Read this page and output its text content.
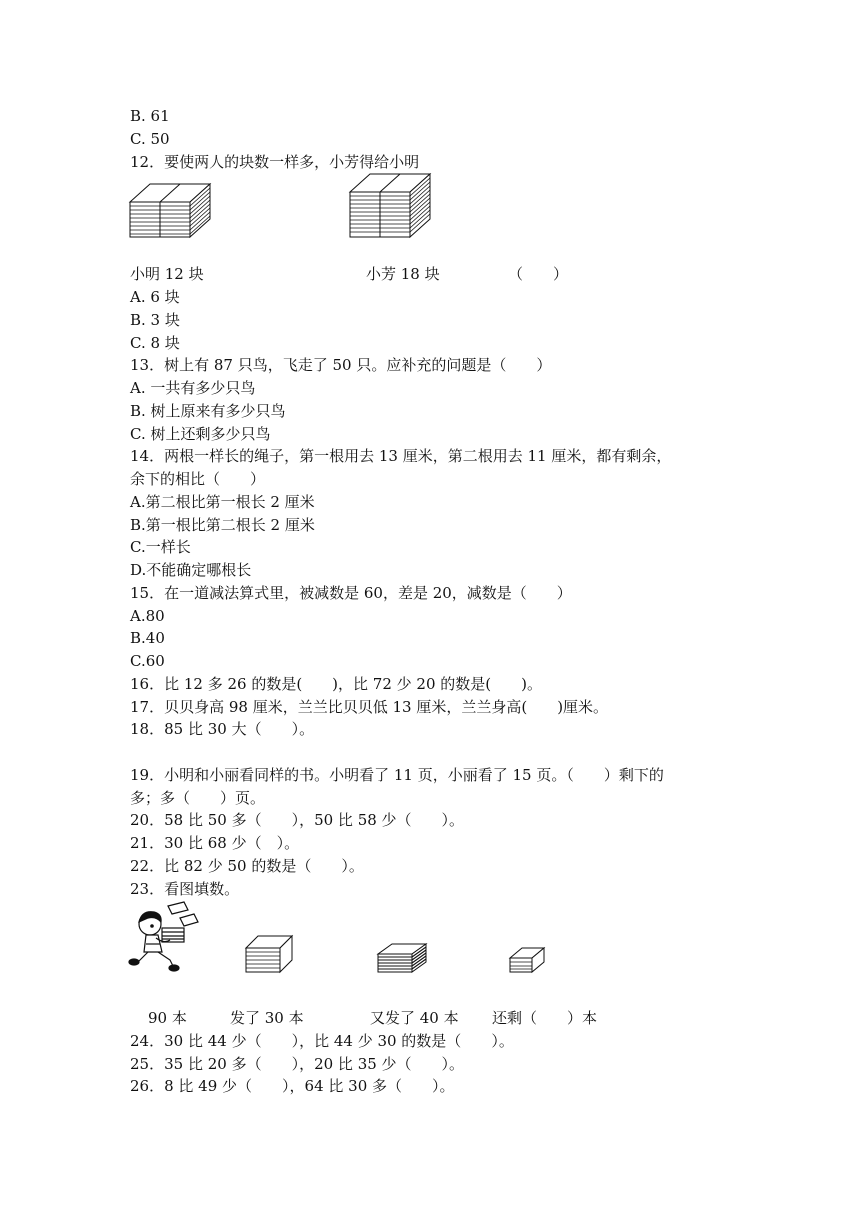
B. 61
C. 50
12．要使两人的块数一样多，小芳得给小明
小明 12 块	小芳 18 块	（　　）
A. 6 块
B. 3 块
C. 8 块
13．树上有 87 只鸟，飞走了 50 只。应补充的问题是（　　）
A. 一共有多少只鸟
B. 树上原来有多少只鸟
C. 树上还剩多少只鸟
14．两根一样长的绳子，第一根用去 13 厘米，第二根用去 11 厘米，都有剩余，
余下的相比（　　）
A.第二根比第一根长 2 厘米
B.第一根比第二根长 2 厘米
C.一样长
D.不能确定哪根长
15．在一道减法算式里，被减数是 60，差是 20，减数是（　　）
A.80
B.40
C.60
16．比 12 多 26 的数是(　　)，比 72 少 20 的数是(　　)。
17．贝贝身高 98 厘米，兰兰比贝贝低 13 厘米，兰兰身高(　　)厘米。
18．85 比 30 大（　　）。
19．小明和小丽看同样的书。小明看了 11 页，小丽看了 15 页。（　　）剩下的
多；多（　　）页。
20．58 比 50 多（　　），50 比 58 少（　　）。
21．30 比 68 少（　）。
22．比 82 少 50 的数是（　　）。
23．看图填数。
90 本	发了 30 本	又发了 40 本 还剩（　　）本
24．30 比 44 少（　　），比 44 少 30 的数是（　　）。
25．35 比 20 多（　　），20 比 35 少（　　）。
26．8 比 49 少（　　），64 比 30 多（　　）。
